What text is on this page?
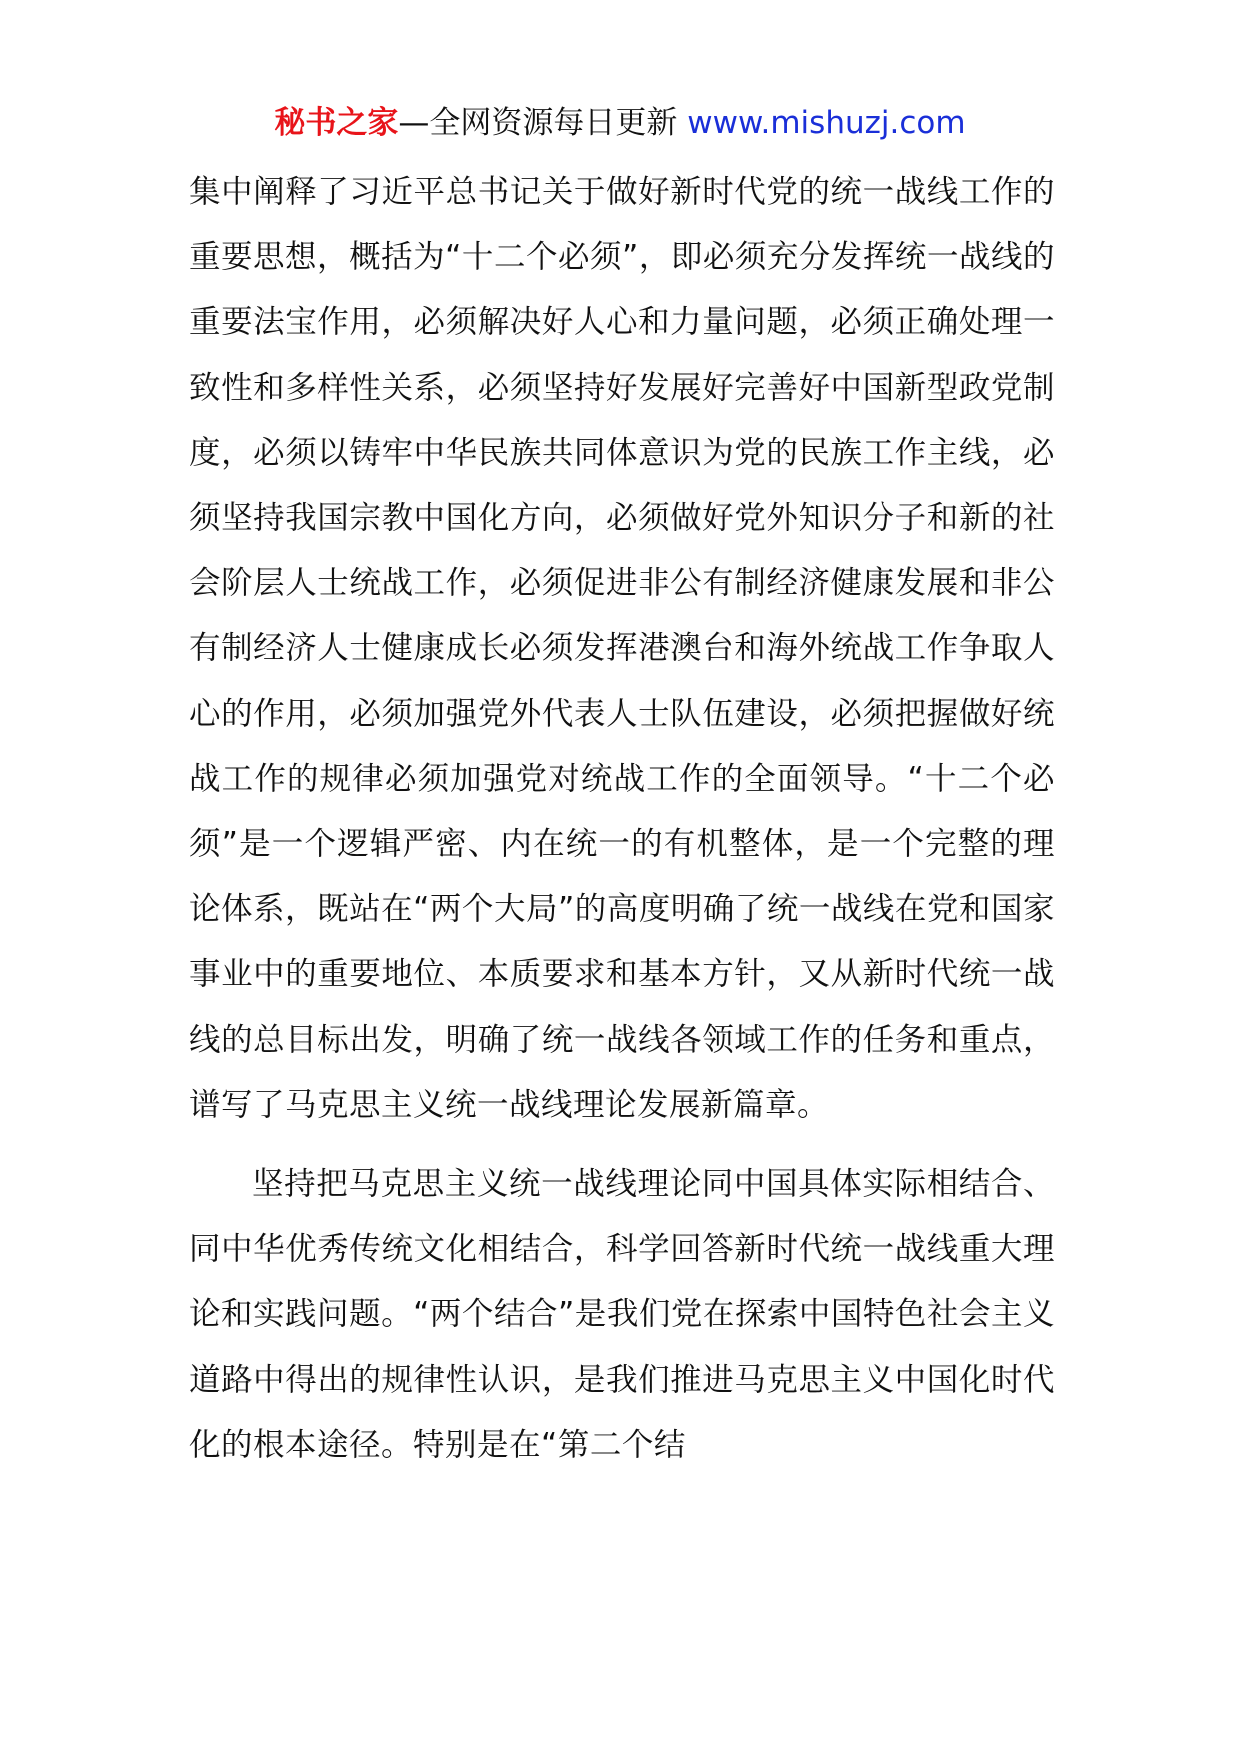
秘书之家—全网资源每日更新 www.mishuzj.com

集中阐释了习近平总书记关于做好新时代党的统一战线工作的重要思想，概括为“十二个必须”，即必须充分发挥统一战线的重要法宝作用，必须解决好人心和力量问题，必须正确处理一致性和多样性关系，必须坚持好发展好完善好中国新型政党制度，必须以铸牢中华民族共同体意识为党的民族工作主线，必须坚持我国宗教中国化方向，必须做好党外知识分子和新的社会阶层人士统战工作，必须促进非公有制经济健康发展和非公有制经济人士健康成长必须发挥港澳台和海外统战工作争取人心的作用，必须加强党外代表人士队伍建设，必须把握做好统战工作的规律必须加强党对统战工作的全面领导。“十二个必须”是一个逻辑严密、内在统一的有机整体，是一个完整的理论体系，既站在“两个大局”的高度明确了统一战线在党和国家事业中的重要地位、本质要求和基本方针，又从新时代统一战线的总目标出发，明确了统一战线各领域工作的任务和重点，谱写了马克思主义统一战线理论发展新篇章。

坚持把马克思主义统一战线理论同中国具体实际相结合、同中华优秀传统文化相结合，科学回答新时代统一战线重大理论和实践问题。“两个结合”是我们党在探索中国特色社会主义道路中得出的规律性认识，是我们推进马克思主义中国化时代化的根本途径。特别是在“第二个结
